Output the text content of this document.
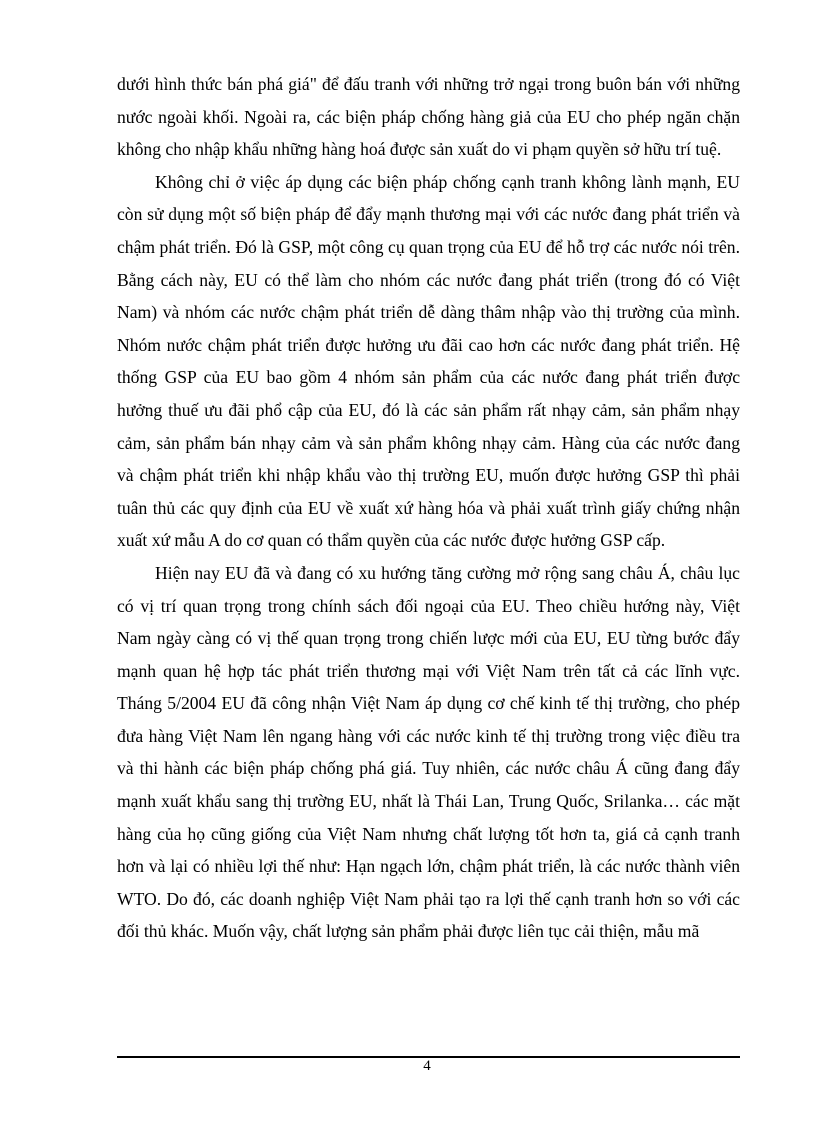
dưới hình thức bán phá giá" để đấu tranh với những trở ngại trong buôn bán với những nước ngoài khối. Ngoài ra, các biện pháp chống hàng giả của EU cho phép ngăn chặn không cho nhập khẩu những hàng hoá được sản xuất do vi phạm quyền sở hữu trí tuệ.

Không chỉ ở việc áp dụng các biện pháp chống cạnh tranh không lành mạnh, EU còn sử dụng một số biện pháp để đẩy mạnh thương mại với các nước đang phát triển và chậm phát triển. Đó là GSP, một công cụ quan trọng của EU để hỗ trợ các nước nói trên. Bằng cách này, EU có thể làm cho nhóm các nước đang phát triển (trong đó có Việt Nam) và nhóm các nước chậm phát triển dễ dàng thâm nhập vào thị trường của mình. Nhóm nước chậm phát triển được hưởng ưu đãi cao hơn các nước đang phát triển. Hệ thống GSP của EU bao gồm 4 nhóm sản phẩm của các nước đang phát triển được hưởng thuế ưu đãi phổ cập của EU, đó là các sản phẩm rất nhạy cảm, sản phẩm nhạy cảm, sản phẩm bán nhạy cảm và sản phẩm không nhạy cảm. Hàng của các nước đang và chậm phát triển khi nhập khẩu vào thị trường EU, muốn được hưởng GSP thì phải tuân thủ các quy định của EU về xuất xứ hàng hóa và phải xuất trình giấy chứng nhận xuất xứ mẫu A do cơ quan có thẩm quyền của các nước được hưởng GSP cấp.

Hiện nay EU đã và đang có xu hướng tăng cường mở rộng sang châu Á, châu lục có vị trí quan trọng trong chính sách đối ngoại của EU. Theo chiều hướng này, Việt Nam ngày càng có vị thế quan trọng trong chiến lược mới của EU, EU từng bước đẩy mạnh quan hệ hợp tác phát triển thương mại với Việt Nam trên tất cả các lĩnh vực. Tháng 5/2004 EU đã công nhận Việt Nam áp dụng cơ chế kinh tế thị trường, cho phép đưa hàng Việt Nam lên ngang hàng với các nước kinh tế thị trường trong việc điều tra và thi hành các biện pháp chống phá giá. Tuy nhiên, các nước châu Á cũng đang đẩy mạnh xuất khẩu sang thị trường EU, nhất là Thái Lan, Trung Quốc, Srilanka… các mặt hàng của họ cũng giống của Việt Nam nhưng chất lượng tốt hơn ta, giá cả cạnh tranh hơn và lại có nhiều lợi thế như: Hạn ngạch lớn, chậm phát triển, là các nước thành viên WTO. Do đó, các doanh nghiệp Việt Nam phải tạo ra lợi thế cạnh tranh hơn so với các đối thủ khác. Muốn vậy, chất lượng sản phẩm phải được liên tục cải thiện, mẫu mã

4
